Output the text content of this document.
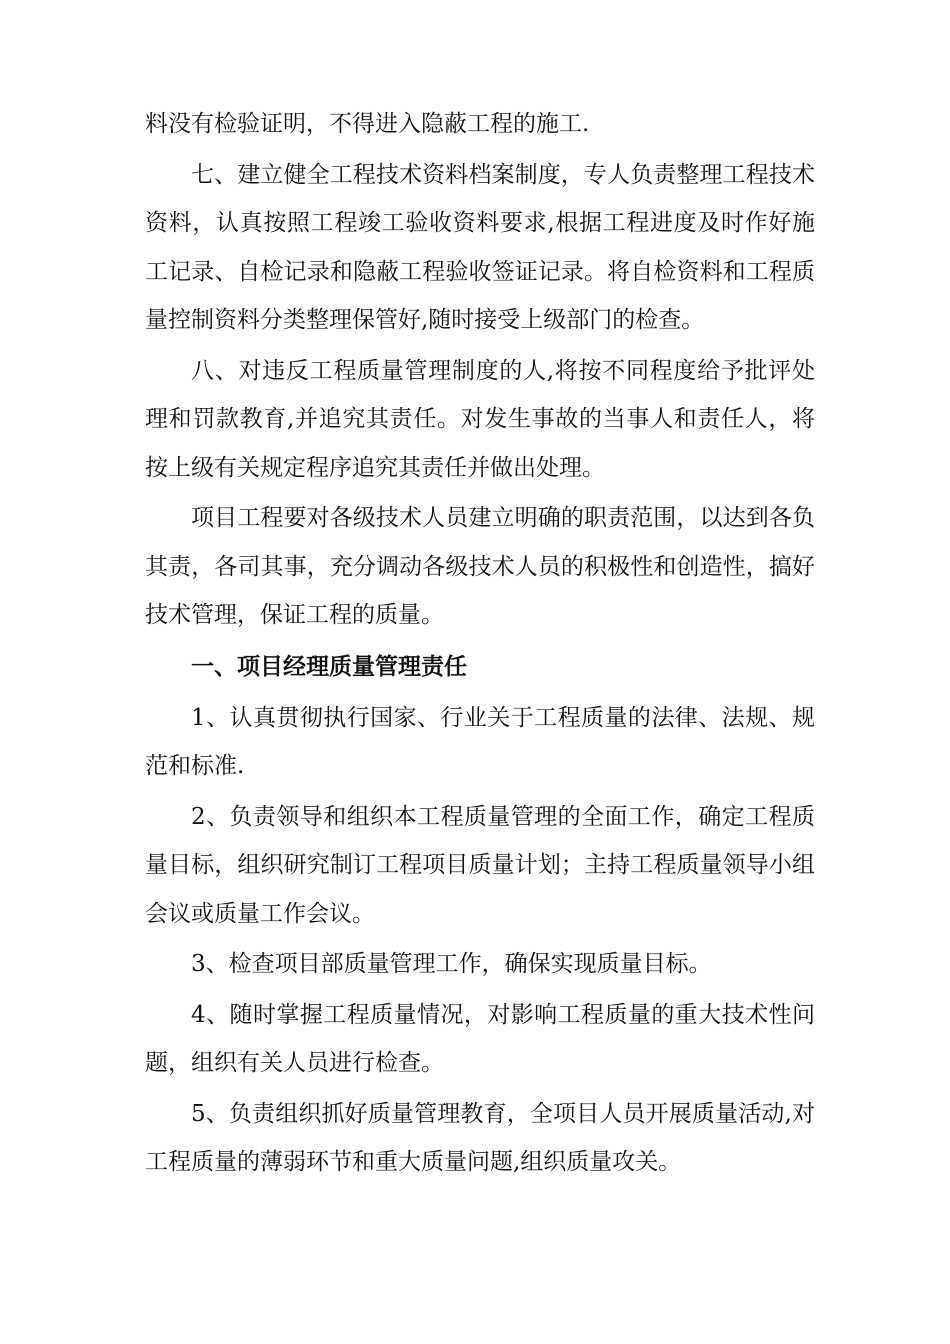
料没有检验证明，不得进入隐蔽工程的施工.

七、建立健全工程技术资料档案制度，专人负责整理工程技术资料，认真按照工程竣工验收资料要求,根据工程进度及时作好施工记录、自检记录和隐蔽工程验收签证记录。将自检资料和工程质量控制资料分类整理保管好,随时接受上级部门的检查。

八、对违反工程质量管理制度的人,将按不同程度给予批评处理和罚款教育,并追究其责任。对发生事故的当事人和责任人，将按上级有关规定程序追究其责任并做出处理。

项目工程要对各级技术人员建立明确的职责范围，以达到各负其责，各司其事，充分调动各级技术人员的积极性和创造性，搞好技术管理，保证工程的质量。

一、项目经理质量管理责任

1、认真贯彻执行国家、行业关于工程质量的法律、法规、规范和标准.

2、负责领导和组织本工程质量管理的全面工作，确定工程质量目标，组织研究制订工程项目质量计划；主持工程质量领导小组会议或质量工作会议。

3、检查项目部质量管理工作，确保实现质量目标。

4、随时掌握工程质量情况，对影响工程质量的重大技术性问题，组织有关人员进行检查。

5、负责组织抓好质量管理教育，全项目人员开展质量活动,对工程质量的薄弱环节和重大质量问题,组织质量攻关。
